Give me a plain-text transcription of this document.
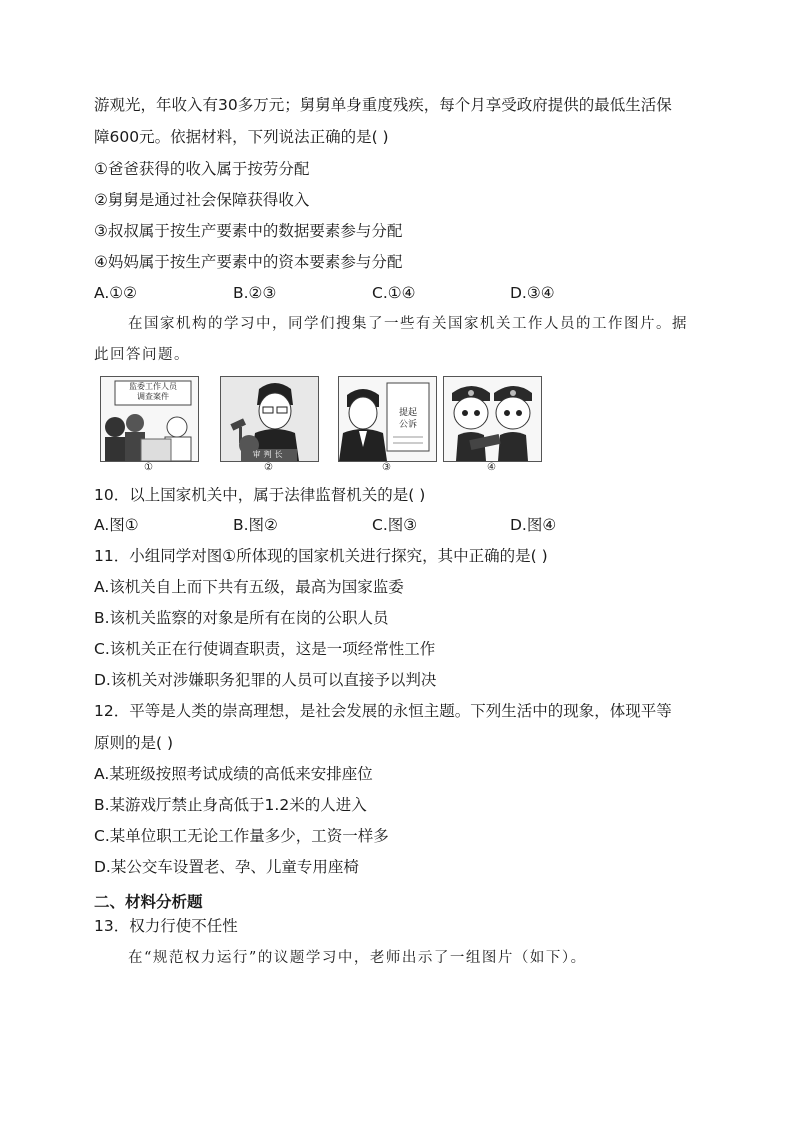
游观光，年收入有30多万元；舅舅单身重度残疾，每个月享受政府提供的最低生活保
障600元。依据材料，下列说法正确的是( )
①爸爸获得的收入属于按劳分配
②舅舅是通过社会保障获得收入
③叔叔属于按生产要素中的数据要素参与分配
④妈妈属于按生产要素中的资本要素参与分配
A.①②	B.②③	C.①④	D.③④
在国家机构的学习中，同学们搜集了一些有关国家机关工作人员的工作图片。据
此回答问题。
监委工作人员
调查案件
①
审判长
②
提起
公诉
③	④
10．以上国家机关中，属于法律监督机关的是( )
A.图①	B.图②	C.图③	D.图④
11．小组同学对图①所体现的国家机关进行探究，其中正确的是( )
A.该机关自上而下共有五级，最高为国家监委
B.该机关监察的对象是所有在岗的公职人员
C.该机关正在行使调查职责，这是一项经常性工作
D.该机关对涉嫌职务犯罪的人员可以直接予以判决
12．平等是人类的崇高理想，是社会发展的永恒主题。下列生活中的现象，体现平等
原则的是( )
A.某班级按照考试成绩的高低来安排座位
B.某游戏厅禁止身高低于1.2米的人进入
C.某单位职工无论工作量多少，工资一样多
D.某公交车设置老、孕、儿童专用座椅
二、材料分析题
13．权力行使不任性
在“规范权力运行”的议题学习中，老师出示了一组图片（如下）。
